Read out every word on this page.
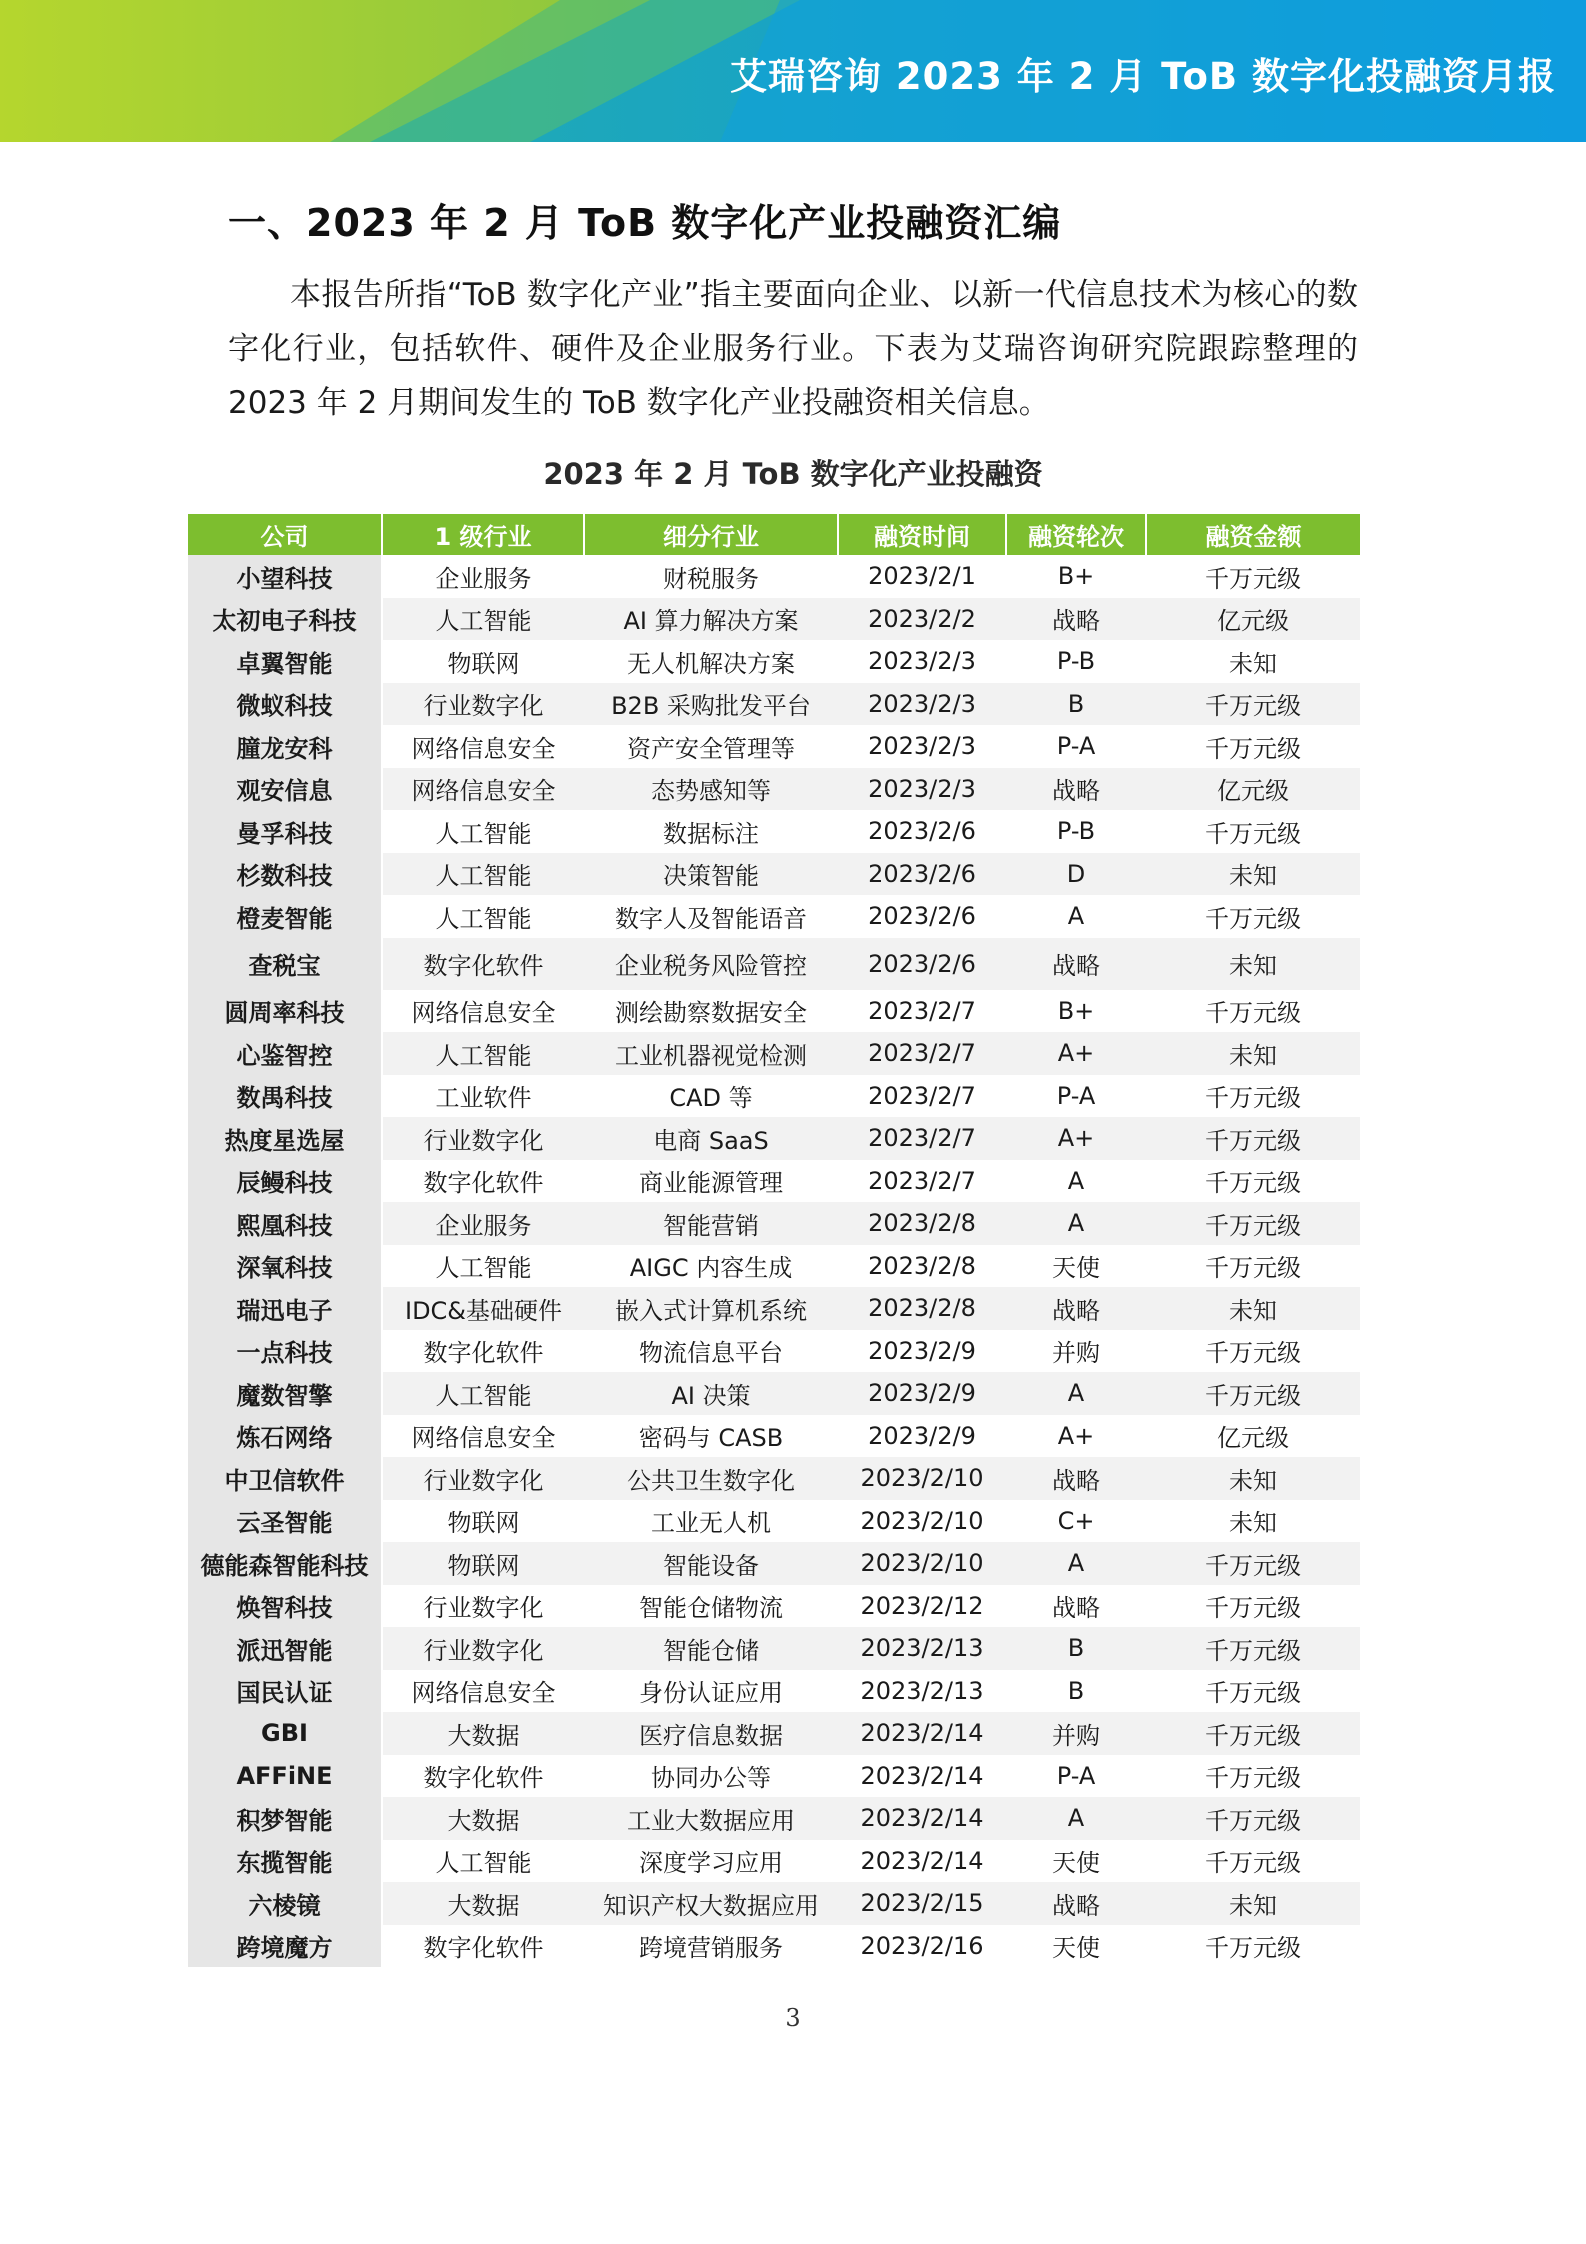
艾瑞咨询 2023 年 2 月 ToB 数字化投融资月报
一、2023 年 2 月 ToB 数字化产业投融资汇编

本报告所指“ToB 数字化产业”指主要面向企业、以新一代信息技术为核心的数字化行业，包括软件、硬件及企业服务行业。下表为艾瑞咨询研究院跟踪整理的 2023 年 2 月期间发生的 ToB 数字化产业投融资相关信息。

2023 年 2 月 ToB 数字化产业投融资

公司	1 级行业	细分行业	融资时间	融资轮次	融资金额
小望科技	企业服务	财税服务	2023/2/1	B+	千万元级
太初电子科技	人工智能	AI 算力解决方案	2023/2/2	战略	亿元级
卓翼智能	物联网	无人机解决方案	2023/2/3	P-B	未知
微蚁科技	行业数字化	B2B 采购批发平台	2023/2/3	B	千万元级
朣龙安科	网络信息安全	资产安全管理等	2023/2/3	P-A	千万元级
观安信息	网络信息安全	态势感知等	2023/2/3	战略	亿元级
曼孚科技	人工智能	数据标注	2023/2/6	P-B	千万元级
杉数科技	人工智能	决策智能	2023/2/6	D	未知
橙麦智能	人工智能	数字人及智能语音	2023/2/6	A	千万元级
查税宝	数字化软件	企业税务风险管控	2023/2/6	战略	未知
圆周率科技	网络信息安全	测绘勘察数据安全	2023/2/7	B+	千万元级
心鉴智控	人工智能	工业机器视觉检测	2023/2/7	A+	未知
数禺科技	工业软件	CAD 等	2023/2/7	P-A	千万元级
热度星选屋	行业数字化	电商 SaaS	2023/2/7	A+	千万元级
辰鳗科技	数字化软件	商业能源管理	2023/2/7	A	千万元级
熙凰科技	企业服务	智能营销	2023/2/8	A	千万元级
深氧科技	人工智能	AIGC 内容生成	2023/2/8	天使	千万元级
瑞迅电子	IDC&基础硬件	嵌入式计算机系统	2023/2/8	战略	未知
一点科技	数字化软件	物流信息平台	2023/2/9	并购	千万元级
魔数智擎	人工智能	AI 决策	2023/2/9	A	千万元级
炼石网络	网络信息安全	密码与 CASB	2023/2/9	A+	亿元级
中卫信软件	行业数字化	公共卫生数字化	2023/2/10	战略	未知
云圣智能	物联网	工业无人机	2023/2/10	C+	未知
德能森智能科技	物联网	智能设备	2023/2/10	A	千万元级
焕智科技	行业数字化	智能仓储物流	2023/2/12	战略	千万元级
派迅智能	行业数字化	智能仓储	2023/2/13	B	千万元级
国民认证	网络信息安全	身份认证应用	2023/2/13	B	千万元级
GBI	大数据	医疗信息数据	2023/2/14	并购	千万元级
AFFiNE	数字化软件	协同办公等	2023/2/14	P-A	千万元级
积梦智能	大数据	工业大数据应用	2023/2/14	A	千万元级
东揽智能	人工智能	深度学习应用	2023/2/14	天使	千万元级
六棱镜	大数据	知识产权大数据应用	2023/2/15	战略	未知
跨境魔方	数字化软件	跨境营销服务	2023/2/16	天使	千万元级

3
